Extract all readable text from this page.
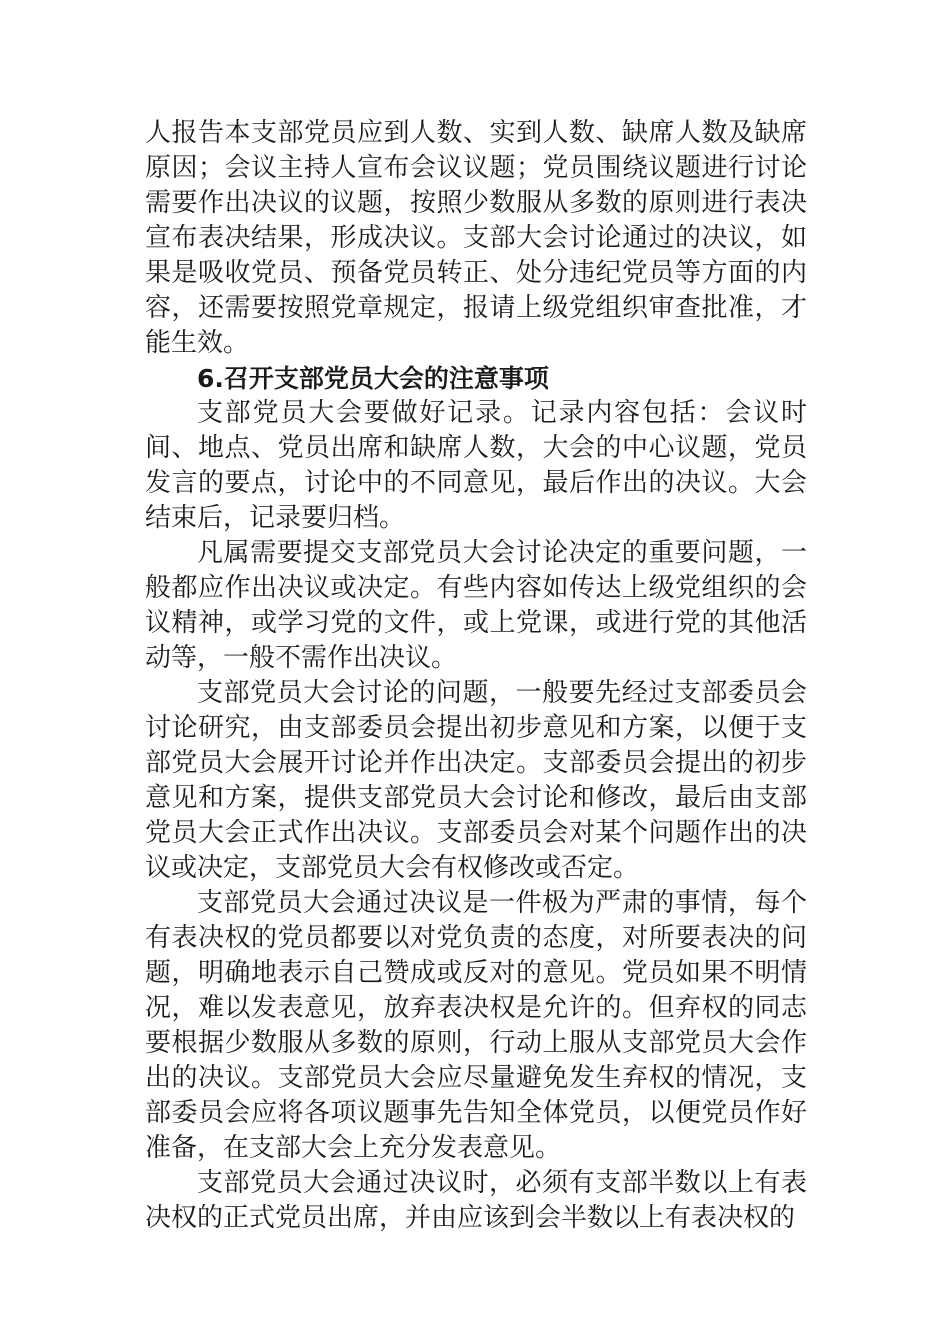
人报告本支部党员应到人数、实到人数、缺席人数及缺席原因；会议主持人宣布会议议题；党员围绕议题进行讨论需要作出决议的议题，按照少数服从多数的原则进行表决宣布表决结果，形成决议。支部大会讨论通过的决议，如果是吸收党员、预备党员转正、处分违纪党员等方面的内容，还需要按照党章规定，报请上级党组织审查批准，才能生效。

6.召开支部党员大会的注意事项

支部党员大会要做好记录。记录内容包括：会议时间、地点、党员出席和缺席人数，大会的中心议题，党员发言的要点，讨论中的不同意见，最后作出的决议。大会结束后，记录要归档。

凡属需要提交支部党员大会讨论决定的重要问题，一般都应作出决议或决定。有些内容如传达上级党组织的会议精神，或学习党的文件，或上党课，或进行党的其他活动等，一般不需作出决议。

支部党员大会讨论的问题，一般要先经过支部委员会讨论研究，由支部委员会提出初步意见和方案，以便于支部党员大会展开讨论并作出决定。支部委员会提出的初步意见和方案，提供支部党员大会讨论和修改，最后由支部党员大会正式作出决议。支部委员会对某个问题作出的决议或决定，支部党员大会有权修改或否定。

支部党员大会通过决议是一件极为严肃的事情，每个有表决权的党员都要以对党负责的态度，对所要表决的问题，明确地表示自己赞成或反对的意见。党员如果不明情况，难以发表意见，放弃表决权是允许的。但弃权的同志要根据少数服从多数的原则，行动上服从支部党员大会作出的决议。支部党员大会应尽量避免发生弃权的情况，支部委员会应将各项议题事先告知全体党员，以便党员作好准备，在支部大会上充分发表意见。

支部党员大会通过决议时，必须有支部半数以上有表决权的正式党员出席，并由应该到会半数以上有表决权的
